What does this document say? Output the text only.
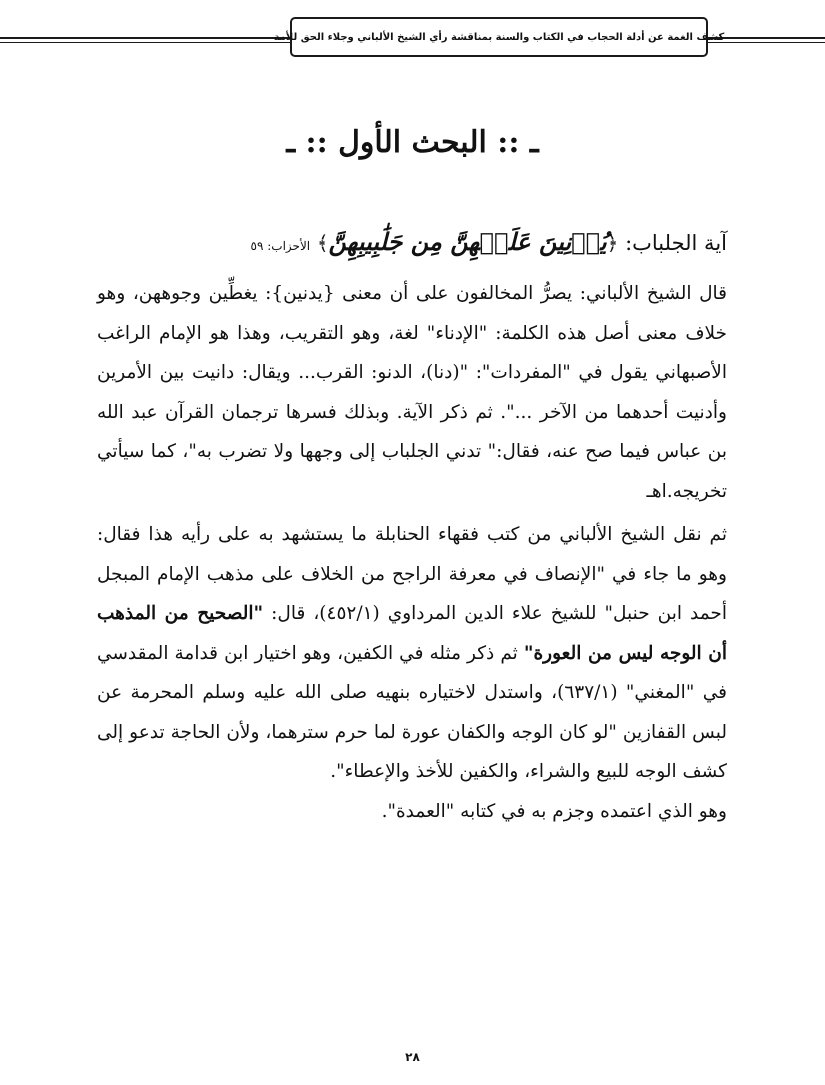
كشف الغمة عن أدلة الحجاب في الكتاب والسنة بمناقشة رأي الشيخ الألباني وجلاء الحق للأمة
ـ :: البحث الأول :: ـ
آية الجلباب: ﴿يُدۡنِينَ عَلَيۡهِنَّ مِن جَلَٰبِيبِهِنَّ﴾ الأحزاب: ٥٩

قال الشيخ الألباني: يصرُّ المخالفون على أن معنى {يدنين}: يغطِّين وجوههن، وهو خلاف معنى أصل هذه الكلمة: "الإدناء" لغة، وهو التقريب، وهذا هو الإمام الراغب الأصبهاني يقول في "المفردات": "(دنا)، الدنو: القرب... ويقال: دانيت بين الأمرين وأدنيت أحدهما من الآخر ...". ثم ذكر الآية. وبذلك فسرها ترجمان القرآن عبد الله بن عباس فيما صح عنه، فقال:" تدني الجلباب إلى وجهها ولا تضرب به"، كما سيأتي تخريجه.اهـ

ثم نقل الشيخ الألباني من كتب فقهاء الحنابلة ما يستشهد به على رأيه هذا فقال: وهو ما جاء في "الإنصاف في معرفة الراجح من الخلاف على مذهب الإمام المبجل أحمد ابن حنبل" للشيخ علاء الدين المرداوي (٤٥٢/١)، قال: "الصحيح من المذهب أن الوجه ليس من العورة" ثم ذكر مثله في الكفين، وهو اختيار ابن قدامة المقدسي في "المغني" (٦٣٧/١)، واستدل لاختياره بنهيه صلى الله عليه وسلم المحرمة عن لبس القفازين "لو كان الوجه والكفان عورة لما حرم سترهما، ولأن الحاجة تدعو إلى كشف الوجه للبيع والشراء، والكفين للأخذ والإعطاء".

وهو الذي اعتمده وجزم به في كتابه "العمدة".

٢٨
